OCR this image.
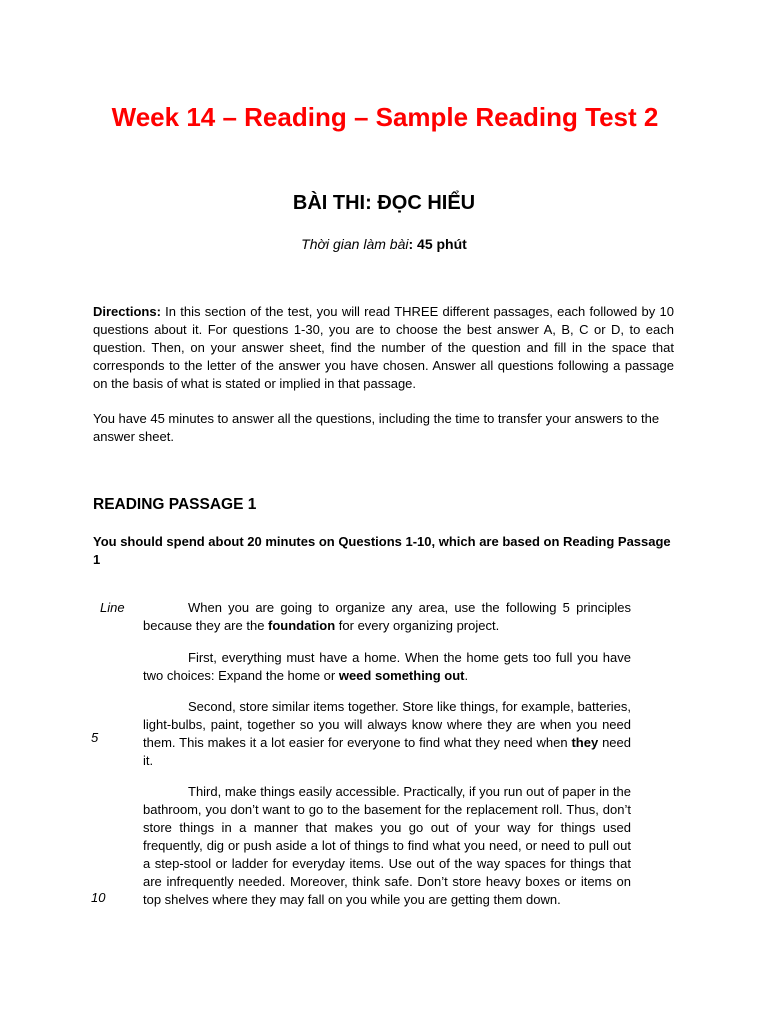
Week 14 – Reading – Sample Reading Test 2
BÀI THI: ĐỌC HIỂU
Thời gian làm bài: 45 phút
Directions: In this section of the test, you will read THREE different passages, each followed by 10 questions about it. For questions 1-30, you are to choose the best answer A, B, C or D, to each question. Then, on your answer sheet, find the number of the question and fill in the space that corresponds to the letter of the answer you have chosen. Answer all questions following a passage on the basis of what is stated or implied in that passage.
You have 45 minutes to answer all the questions, including the time to transfer your answers to the answer sheet.
READING PASSAGE 1
You should spend about 20 minutes on Questions 1-10, which are based on Reading Passage 1
Line
5
10
When you are going to organize any area, use the following 5 principles because they are the foundation for every organizing project.
First, everything must have a home. When the home gets too full you have two choices: Expand the home or weed something out.
Second, store similar items together. Store like things, for example, batteries, light-bulbs, paint, together so you will always know where they are when you need them. This makes it a lot easier for everyone to find what they need when they need it.
Third, make things easily accessible. Practically, if you run out of paper in the bathroom, you don’t want to go to the basement for the replacement roll. Thus, don’t store things in a manner that makes you go out of your way for things used frequently, dig or push aside a lot of things to find what you need, or need to pull out a step-stool or ladder for everyday items. Use out of the way spaces for things that are infrequently needed. Moreover, think safe. Don’t store heavy boxes or items on top shelves where they may fall on you while you are getting them down.
